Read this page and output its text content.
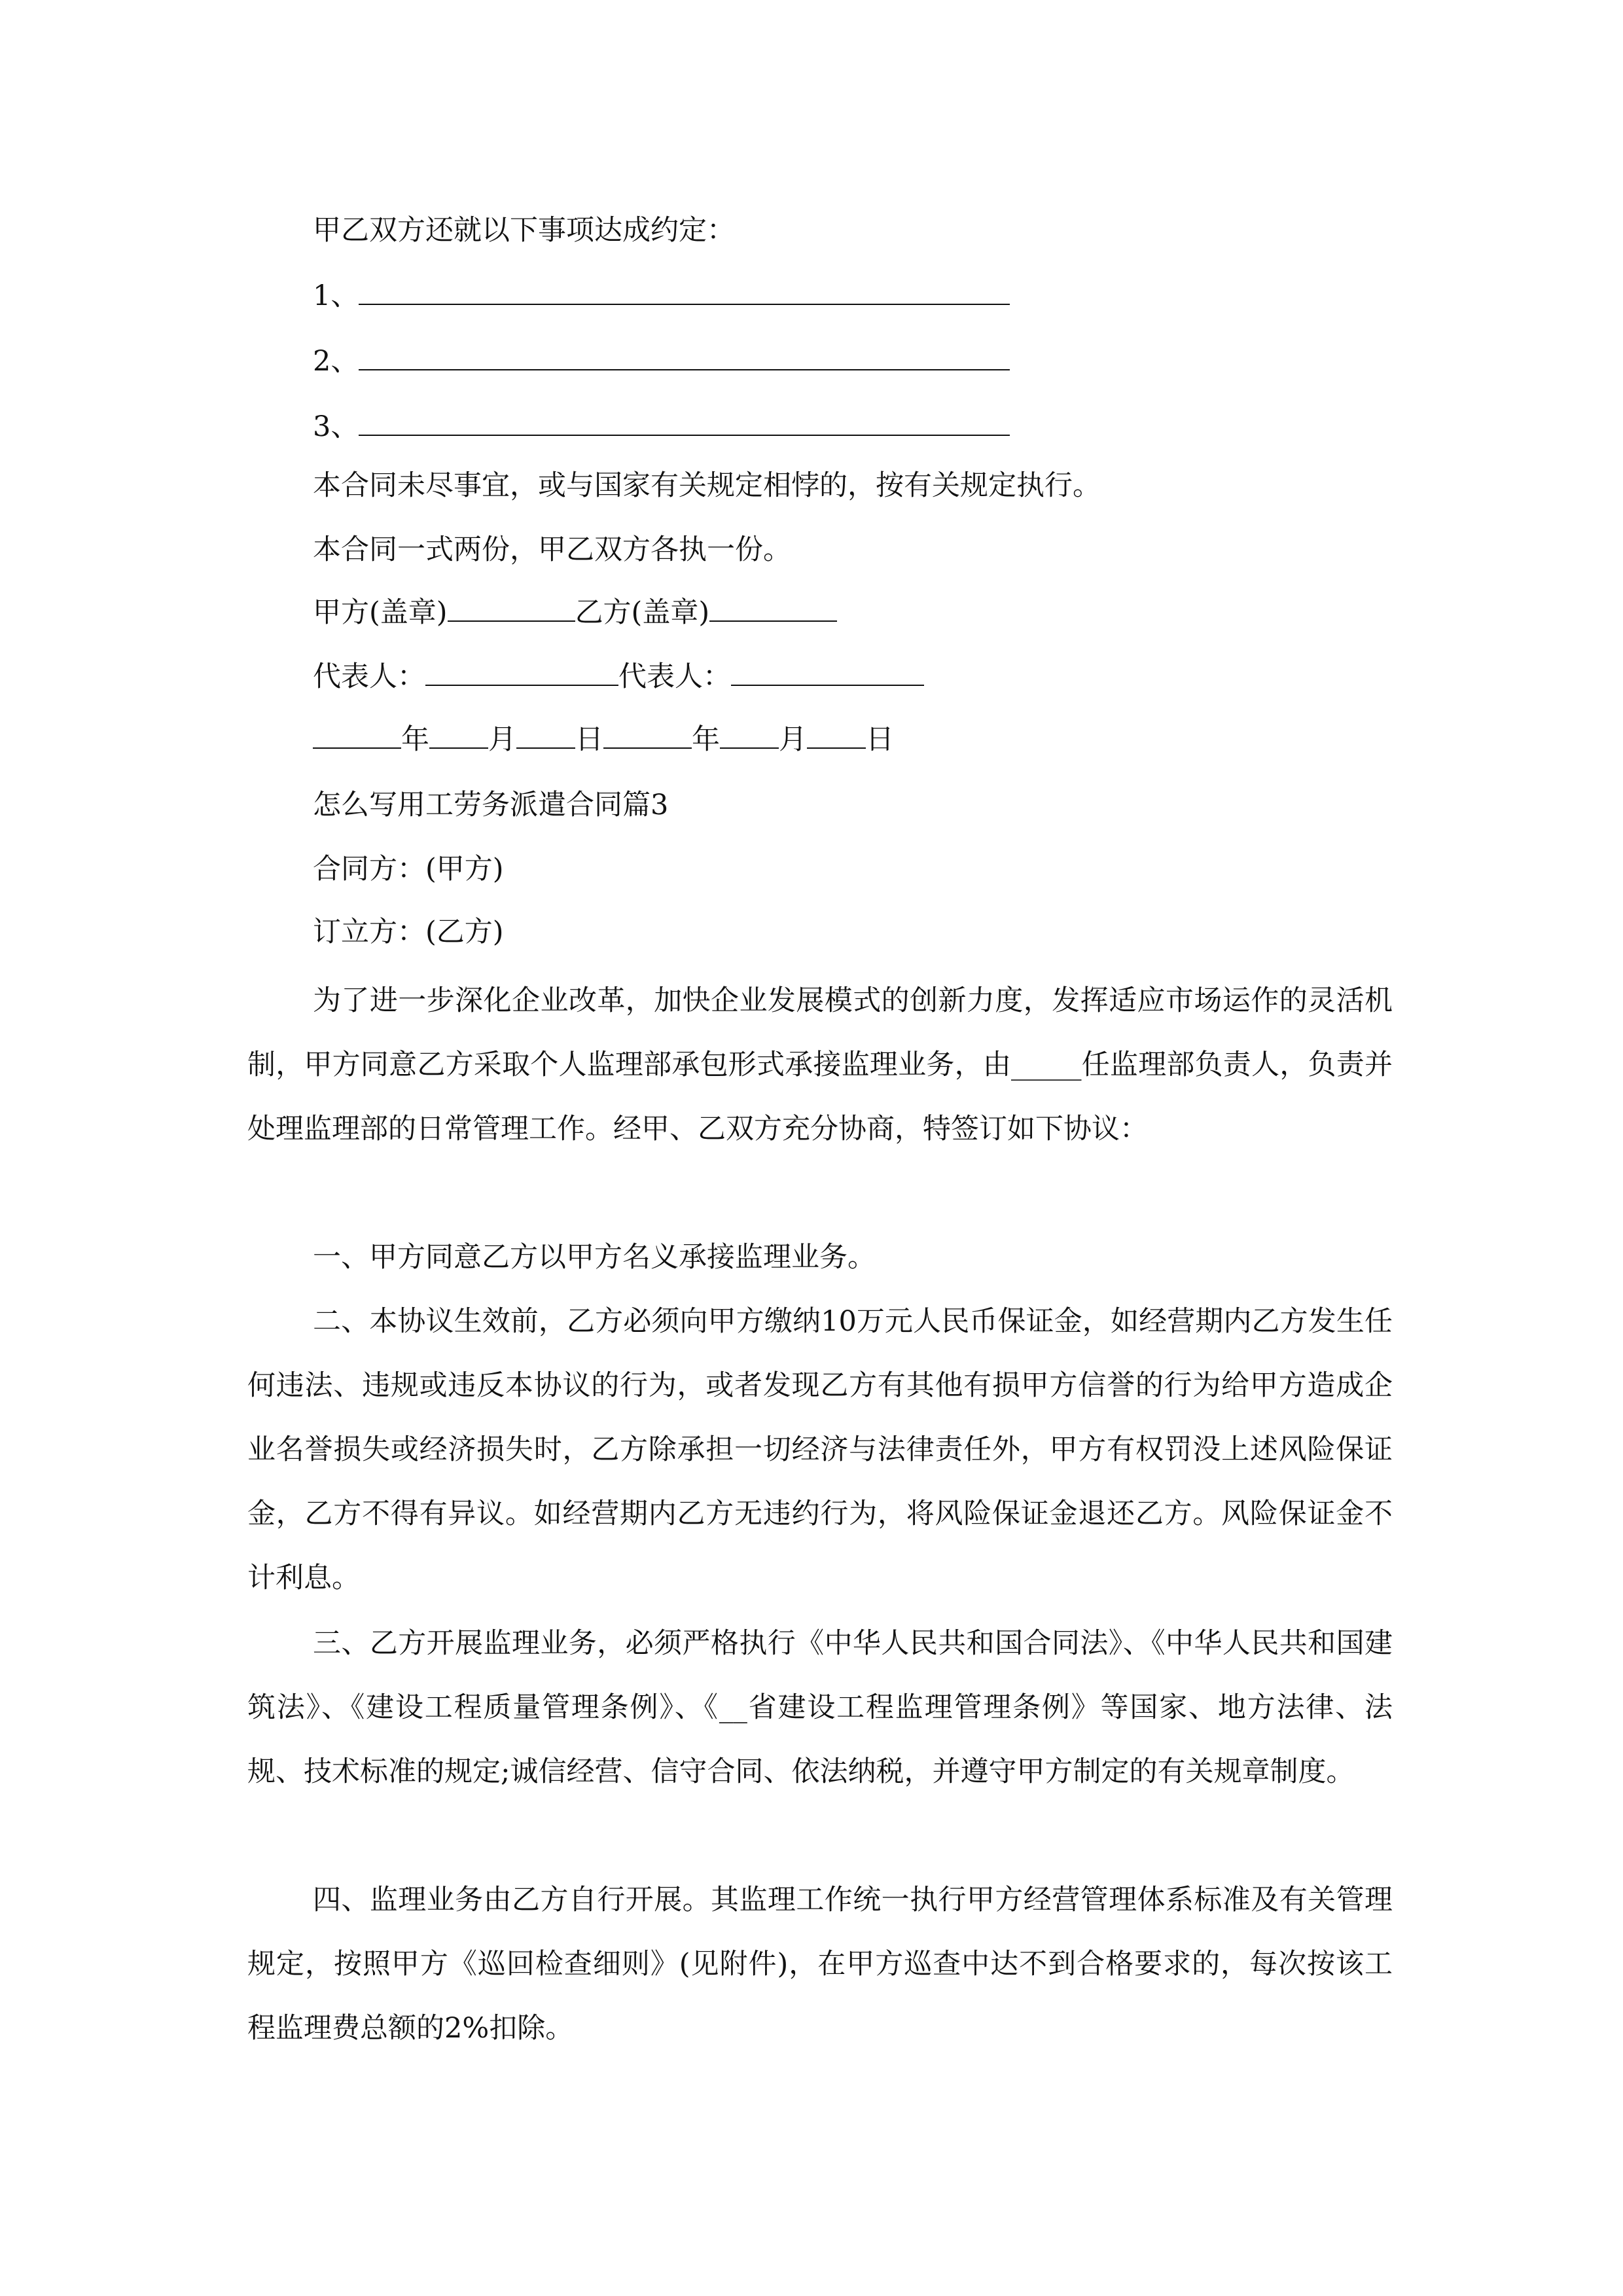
甲乙双方还就以下事项达成约定：
1、
2、
3、
本合同未尽事宜，或与国家有关规定相悖的，按有关规定执行。
本合同一式两份，甲乙双方各执一份。
甲方(盖章)	乙方(盖章)
代表人：	代表人：
年 月 日	年 月 日
怎么写用工劳务派遣合同篇3
合同方：(甲方)
订立方：(乙方)
为了进一步深化企业改革，加快企业发展模式的创新力度，发挥适应市场运作的灵活机制，甲方同意乙方采取个人监理部承包形式承接监理业务，由_____任监理部负责人，负责并处理监理部的日常管理工作。经甲、乙双方充分协商，特签订如下协议：
一、甲方同意乙方以甲方名义承接监理业务。
二、本协议生效前，乙方必须向甲方缴纳10万元人民币保证金，如经营期内乙方发生任何违法、违规或违反本协议的行为，或者发现乙方有其他有损甲方信誉的行为给甲方造成企业名誉损失或经济损失时，乙方除承担一切经济与法律责任外，甲方有权罚没上述风险保证金，乙方不得有异议。如经营期内乙方无违约行为，将风险保证金退还乙方。风险保证金不计利息。
三、乙方开展监理业务，必须严格执行《中华人民共和国合同法》、《中华人民共和国建筑法》、《建设工程质量管理条例》、《__省建设工程监理管理条例》等国家、地方法律、法规、技术标准的规定;诚信经营、信守合同、依法纳税，并遵守甲方制定的有关规章制度。
四、监理业务由乙方自行开展。其监理工作统一执行甲方经营管理体系标准及有关管理规定，按照甲方《巡回检查细则》(见附件)，在甲方巡查中达不到合格要求的，每次按该工程监理费总额的2%扣除。
